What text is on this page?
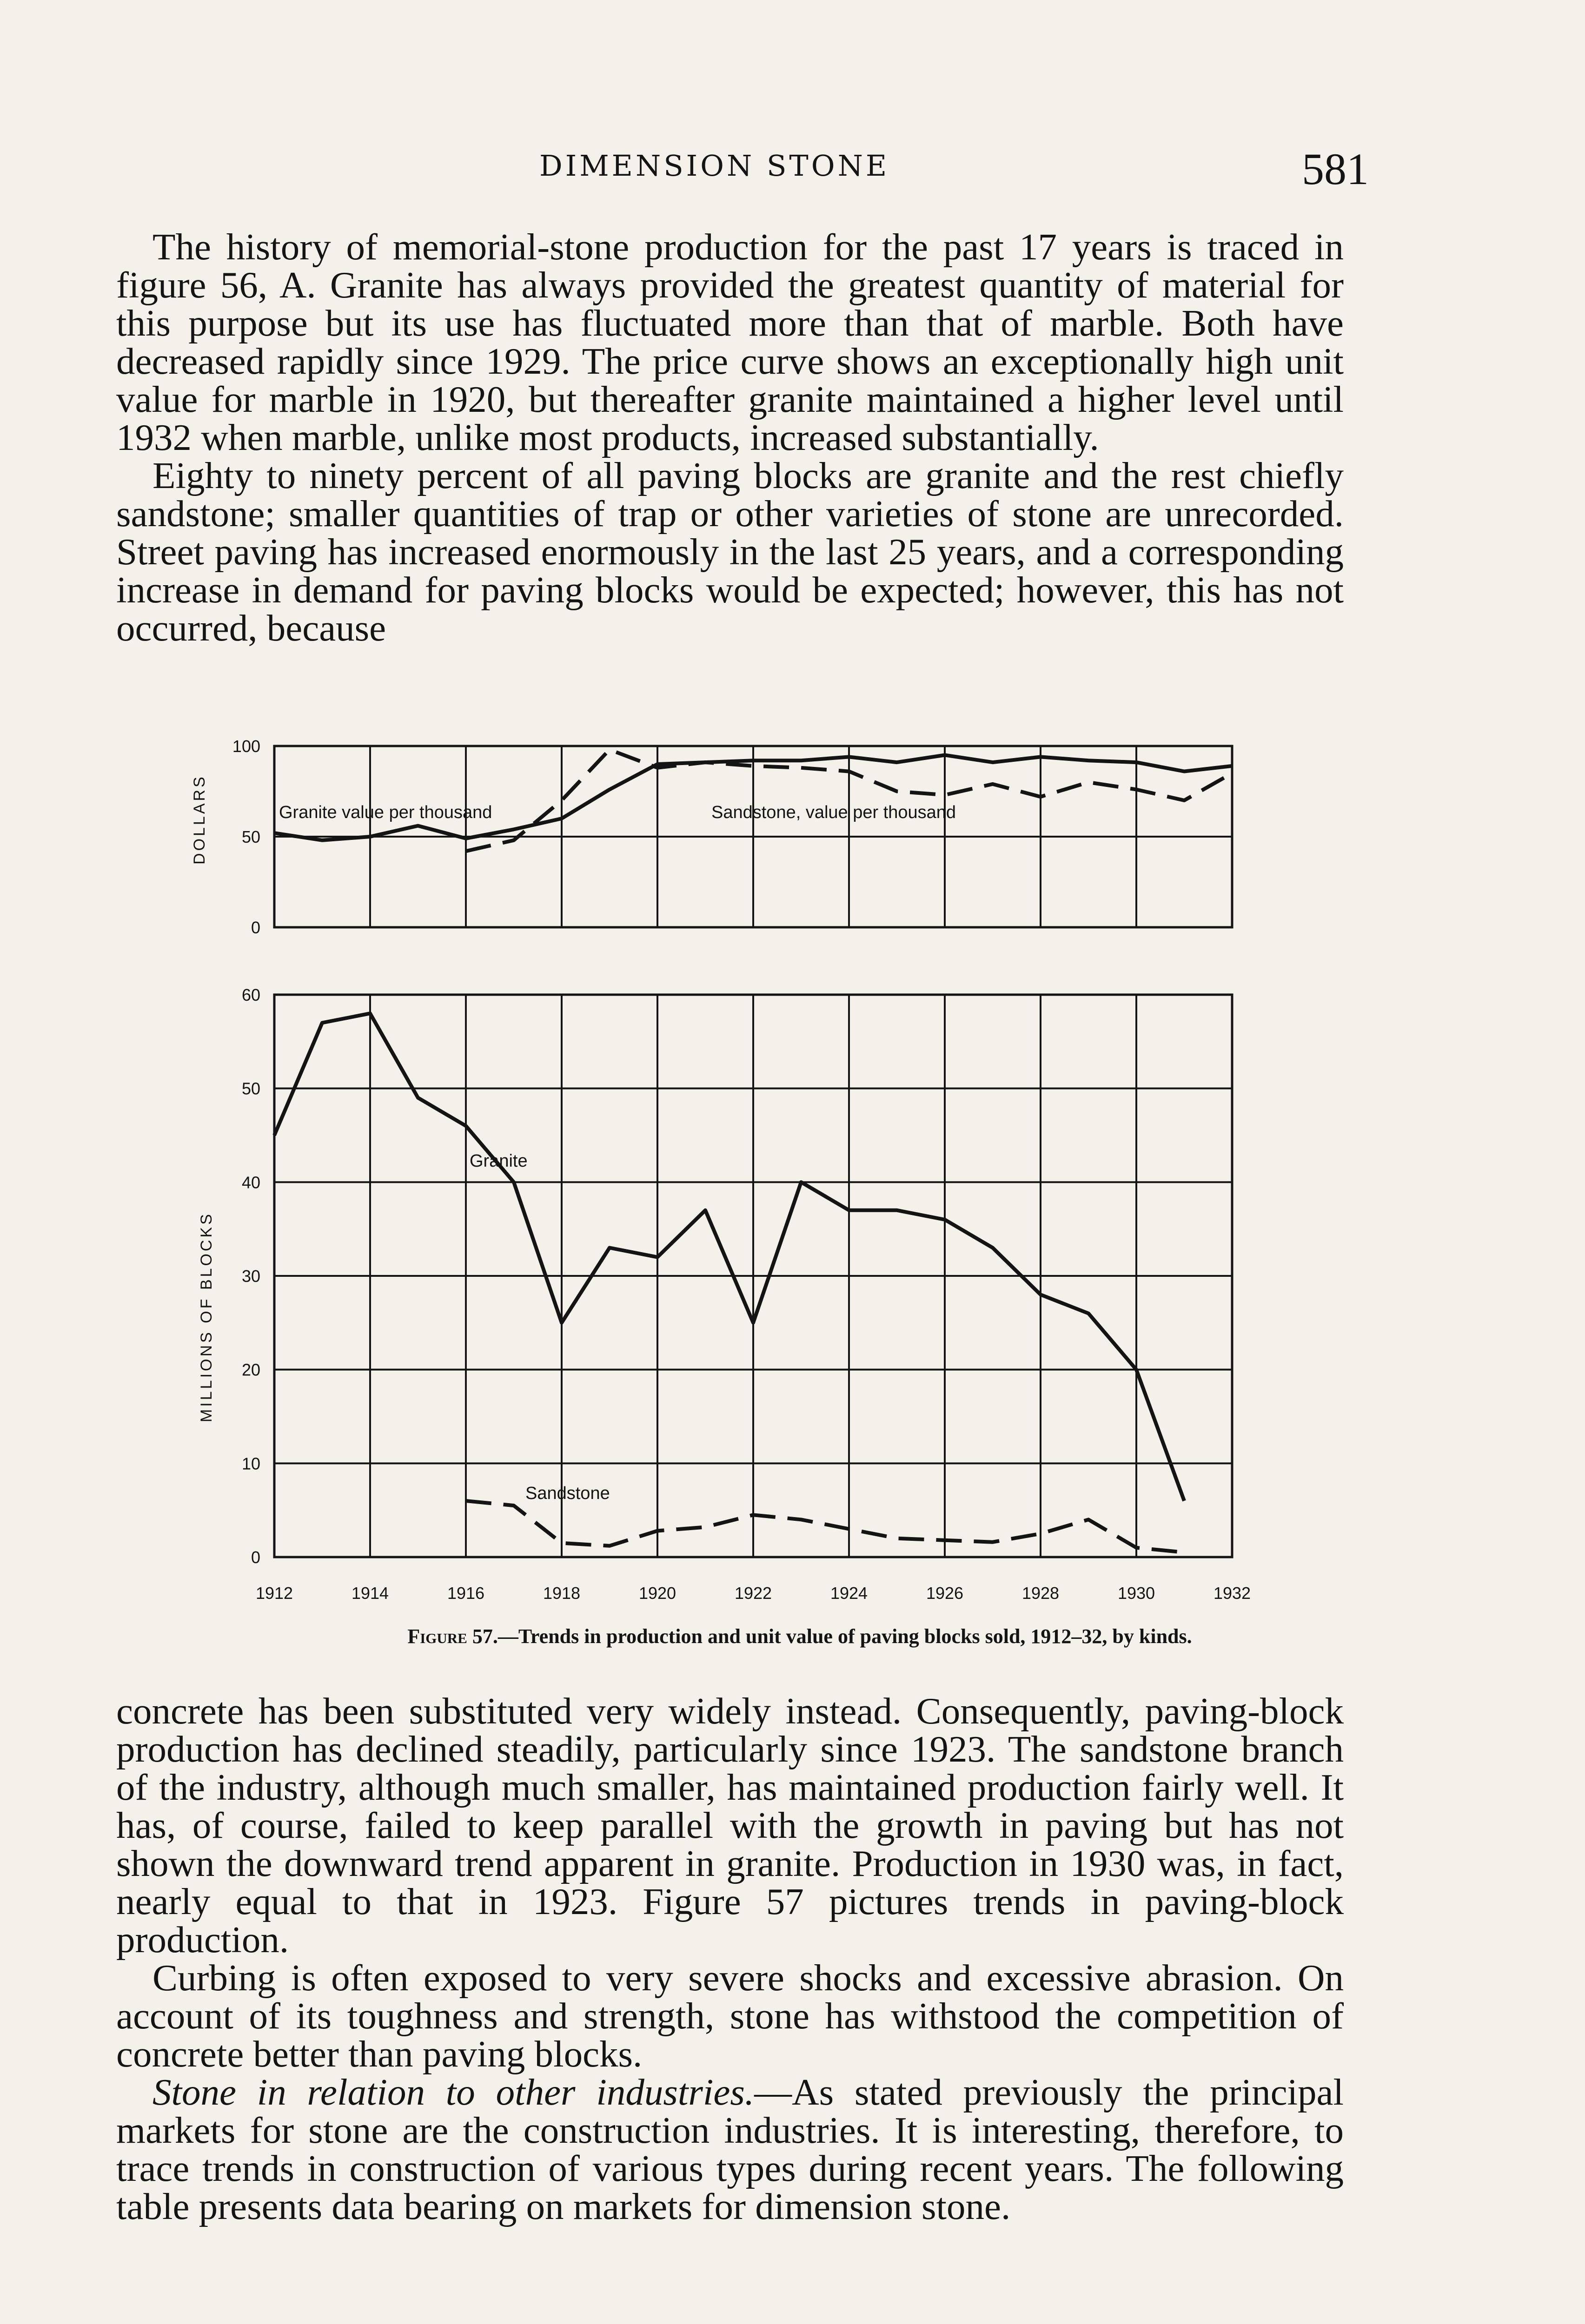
DIMENSION STONE	581

The history of memorial-stone production for the past 17 years is traced in figure 56, A. Granite has always provided the greatest quantity of material for this purpose but its use has fluctuated more than that of marble. Both have decreased rapidly since 1929. The price curve shows an exceptionally high unit value for marble in 1920, but thereafter granite maintained a higher level until 1932 when marble, unlike most products, increased substantially.

Eighty to ninety percent of all paving blocks are granite and the rest chiefly sandstone; smaller quantities of trap or other varieties of stone are unrecorded. Street paving has increased enormously in the last 25 years, and a corresponding increase in demand for paving blocks would be expected; however, this has not occurred, because

0
50
100
DOLLARS	Granite value per thousand	Sandstone, value per thousand
0
10
20
30
40
50
60
1912	1914	1916	1918	1920	1922	1924	1926	1928	1930	1932
MILLIONS OF BLOCKS
Granite
Sandstone
Figure 57.—Trends in production and unit value of paving blocks sold, 1912–32, by kinds.

concrete has been substituted very widely instead. Consequently, paving-block production has declined steadily, particularly since 1923. The sandstone branch of the industry, although much smaller, has maintained production fairly well. It has, of course, failed to keep parallel with the growth in paving but has not shown the downward trend apparent in granite. Production in 1930 was, in fact, nearly equal to that in 1923. Figure 57 pictures trends in paving-block production.

Curbing is often exposed to very severe shocks and excessive abrasion. On account of its toughness and strength, stone has withstood the competition of concrete better than paving blocks.

Stone in relation to other industries.—As stated previously the principal markets for stone are the construction industries. It is interesting, therefore, to trace trends in construction of various types during recent years. The following table presents data bearing on markets for dimension stone.
